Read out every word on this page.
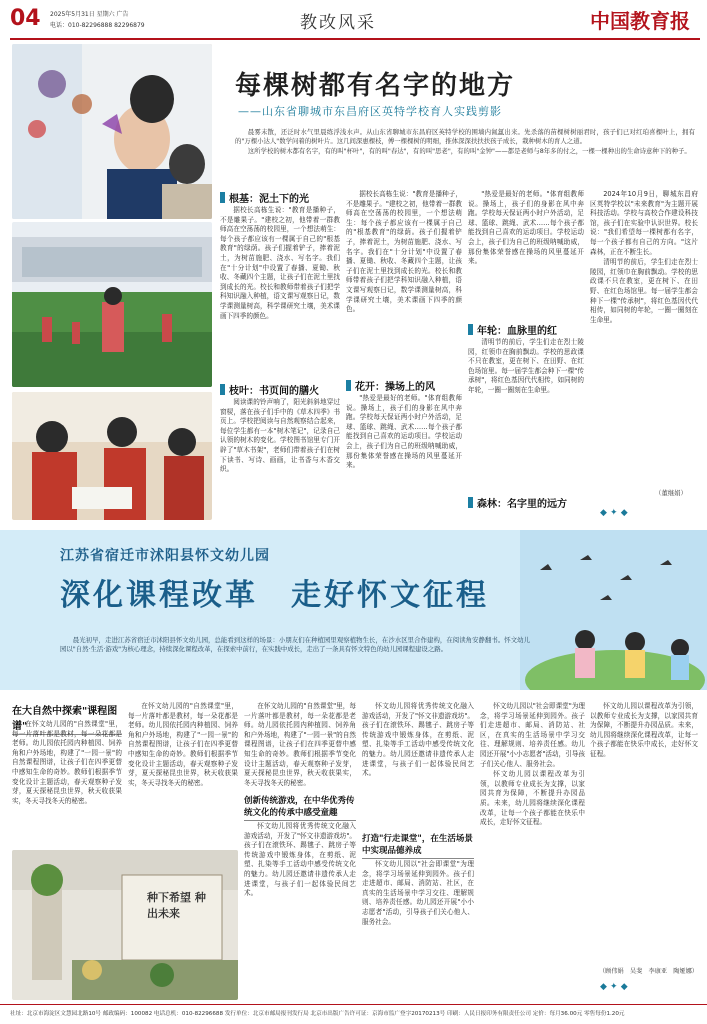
04 2025年5月31日 星期六 广告
电话：010-82296888 82296879	教改风采	中国教育报
每棵树都有名字的地方
——山东省聊城市东昌府区英特学校育人实践剪影

晨雾未散，还泛时水气里晨练浮浅水声。从山东省聊城市东昌府区英特学校的围墙内氤氲出来。先杀落的苗棵树树丽君时，孩子们已对红珀喜棵叶上，拥有的"万棵小达人"数学问着的树叶片。这几间深惠棵枝，傅一棵棵树的明细，推体深深扶扶扶孩子成长，栽种树木的育人之道。

这所学校的树木都有名字，有的叫"杯叶"，有的叫"春达"，有的叫"思老"，有的叫"金钟"——都是老师与8年多的付之，一棵一棵种出的生命诗意种下的种子。

根基：泥土下的光

据校长高栋生说："教育是播种子，不是雕果子。"建校之初，他带着一群教师高在空荡荡的校园里，一个想法萌生：每个孩子都应该有一棵属于自己的"根基教育"的绿荫。孩子们握着铲子，捧着泥土，为树苗施肥、浇水、写名字。我们在"十分计划"中设置了春播、夏锄、秋收、冬藏四个主题，让孩子们在泥土里找到成长的光。校长和教师带着孩子们把学科知识融入种植，语文课写观察日记，数学课测量树高，科学课研究土壤，美术课画下四季的颜色。

枝叶：书页间的膳火

阅读课的铃声响了，阳光斜斜地穿过窗棂，落在孩子们手中的《草木四季》书页上。学校把阅读与自然观察结合起来，每位学生都有一本"树木笔记"，记录自己认领的树木的变化。学校图书馆里专门开辟了"草木书架"，老师们带着孩子们在树下读书、写诗、画画，让书香与木香交织。

据校长高栋生说："教育是播种子，不是雕果子。"建校之初，他带着一群教师高在空荡荡的校园里，一个想法萌生：每个孩子都应该有一棵属于自己的"根基教育"的绿荫。孩子们握着铲子，捧着泥土，为树苗施肥、浇水、写名字。我们在"十分计划"中设置了春播、夏锄、秋收、冬藏四个主题，让孩子们在泥土里找到成长的光。校长和教师带着孩子们把学科知识融入种植，语文课写观察日记，数学课测量树高，科学课研究土壤，美术课画下四季的颜色。

花开：操场上的风

"热爱是最好的老师。"体育组教师说。操场上，孩子们的身影在风中奔跑。学校每天保证两小时户外活动，足球、篮球、跳绳、武术……每个孩子都能找到自己喜欢的运动项目。学校运动会上，孩子们为自己的班级呐喊助威，那份集体荣誉感在操场的风里蔓延开来。

"热爱是最好的老师。"体育组教师说。操场上，孩子们的身影在风中奔跑。学校每天保证两小时户外活动，足球、篮球、跳绳、武术……每个孩子都能找到自己喜欢的运动项目。学校运动会上，孩子们为自己的班级呐喊助威，那份集体荣誉感在操场的风里蔓延开来。

年轮：血脉里的红

清明节的前后，学生们走在烈士陵园，红领巾在胸前飘动。学校的思政课不只在教室，更在树下、在田野、在红色场馆里。每一届学生都会种下一棵"传承树"，将红色基因代代相传，如同树的年轮，一圈一圈刻在生命里。

森林：名字里的远方

2024年10月9日，聊城东昌府区英特学校以"未来教育"为主题开展科技活动。学校与高校合作建设科技馆，孩子们在实验中认识世界。校长说："我们希望每一棵树都有名字，每一个孩子都有自己的方向。"这片森林，正在不断生长。

清明节的前后，学生们走在烈士陵园，红领巾在胸前飘动。学校的思政课不只在教室，更在树下、在田野、在红色场馆里。每一届学生都会种下一棵"传承树"，将红色基因代代相传，如同树的年轮，一圈一圈刻在生命里。

（董继娟）
◆ ✦ ◆
江苏省宿迁市沭阳县怀文幼儿园
深化课程改革　走好怀文征程

晨光初早，走进江苏省宿迁市沭阳县怀文幼儿园，总能看到这样的场景：小朋友们在种植园里观察植物生长，在沙水区里合作建构，在阅读角安静翻书。怀文幼儿园以"自然·生活·游戏"为核心理念，持续深化课程改革，在探索中前行，在实践中成长，走出了一条具有怀文特色的幼儿园课程建设之路。

在大自然中探索"课程图谱"

在怀文幼儿园的"自然课堂"里，每一片落叶都是教材，每一朵花都是老师。幼儿园依托园内种植园、饲养角和户外场地，构建了"一园一景"的自然课程图谱，让孩子们在四季更替中感知生命的奇妙。教师们根据季节变化设计主题活动，春天观察种子发芽，夏天探秘昆虫世界，秋天收获果实，冬天寻找冬天的秘密。

在怀文幼儿园的"自然课堂"里，每一片落叶都是教材，每一朵花都是老师。幼儿园依托园内种植园、饲养角和户外场地，构建了"一园一景"的自然课程图谱，让孩子们在四季更替中感知生命的奇妙。教师们根据季节变化设计主题活动，春天观察种子发芽，夏天探秘昆虫世界，秋天收获果实，冬天寻找冬天的秘密。

在怀文幼儿园的"自然课堂"里，每一片落叶都是教材，每一朵花都是老师。幼儿园依托园内种植园、饲养角和户外场地，构建了"一园一景"的自然课程图谱，让孩子们在四季更替中感知生命的奇妙。教师们根据季节变化设计主题活动，春天观察种子发芽，夏天探秘昆虫世界，秋天收获果实，冬天寻找冬天的秘密。

创新传统游戏，在中华优秀传统文化的传承中感受童趣

怀文幼儿园将优秀传统文化融入游戏活动，开发了"怀文非遗游戏坊"。孩子们在滚铁环、踢毽子、跳房子等传统游戏中锻炼身体，在剪纸、泥塑、扎染等手工活动中感受传统文化的魅力。幼儿园还邀请非遗传承人走进课堂，与孩子们一起体验民间艺术。

怀文幼儿园将优秀传统文化融入游戏活动，开发了"怀文非遗游戏坊"。孩子们在滚铁环、踢毽子、跳房子等传统游戏中锻炼身体，在剪纸、泥塑、扎染等手工活动中感受传统文化的魅力。幼儿园还邀请非遗传承人走进课堂，与孩子们一起体验民间艺术。

打造"行走课堂"，在生活场景中实现品德养成

怀文幼儿园以"社会即课堂"为理念，将学习场景延伸到园外。孩子们走进超市、邮局、消防站、社区，在真实的生活场景中学习交往、理解规则、培养责任感。幼儿园还开展"小小志愿者"活动，引导孩子们关心他人、服务社会。

怀文幼儿园以"社会即课堂"为理念，将学习场景延伸到园外。孩子们走进超市、邮局、消防站、社区，在真实的生活场景中学习交往、理解规则、培养责任感。幼儿园还开展"小小志愿者"活动，引导孩子们关心他人、服务社会。

怀文幼儿园以课程改革为引领，以教师专业成长为支撑，以家园共育为保障，不断提升办园品质。未来，幼儿园将继续深化课程改革，让每一个孩子都能在快乐中成长，走好怀文征程。

怀文幼儿园以课程改革为引领，以教师专业成长为支撑，以家园共育为保障，不断提升办园品质。未来，幼儿园将继续深化课程改革，让每一个孩子都能在快乐中成长，走好怀文征程。

（顾伟娟　吴斐　李康亚　陶娅娜）
◆ ✦ ◆
种下希望 种出未来
社址：北京市海淀区文慧园北路10号 邮政编码：100082 电话总机：010-82296688 发行单位：北京市邮局报刊发行局 北京市出版广告许可证：京海市监广登字20170213号 印刷：人民日报印务有限责任公司 定价：每月36.00元 零售每份1.20元
